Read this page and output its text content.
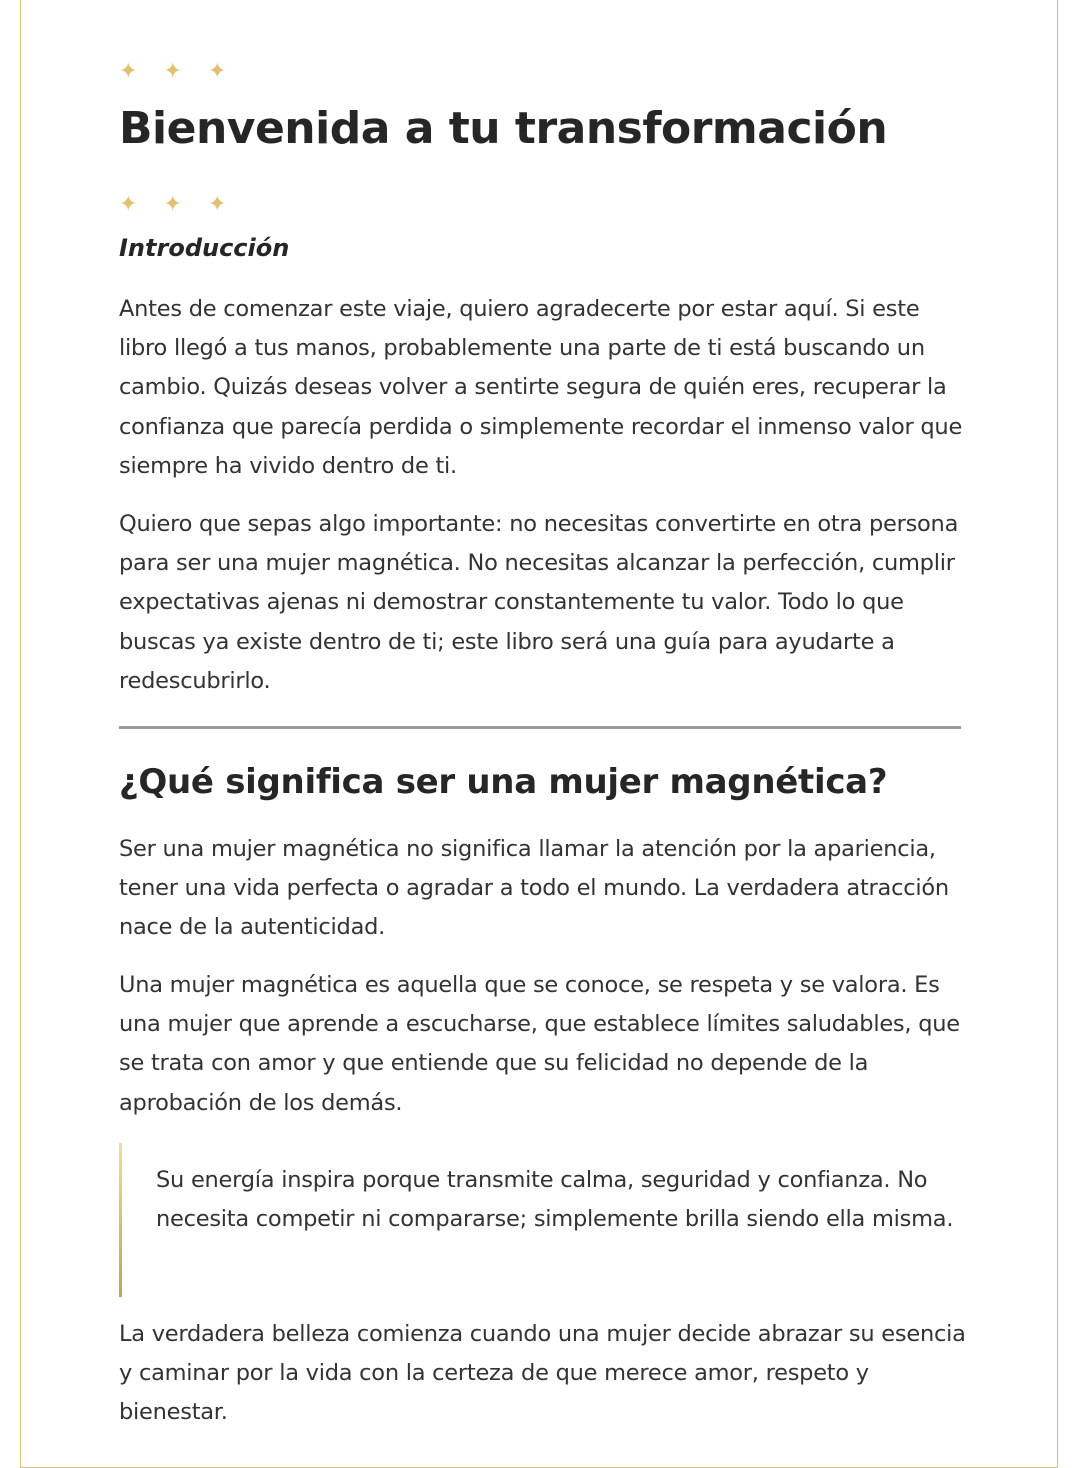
✦	✦	✦
Bienvenida a tu transformación
✦	✦	✦
Introducción

Antes de comenzar este viaje, quiero agradecerte por estar aquí. Si este libro llegó a tus manos, probablemente una parte de ti está buscando un cambio. Quizás deseas volver a sentirte segura de quién eres, recuperar la confianza que parecía perdida o simplemente recordar el inmenso valor que siempre ha vivido dentro de ti.

Quiero que sepas algo importante: no necesitas convertirte en otra persona para ser una mujer magnética. No necesitas alcanzar la perfección, cumplir expectativas ajenas ni demostrar constantemente tu valor. Todo lo que buscas ya existe dentro de ti; este libro será una guía para ayudarte a redescubrirlo.

¿Qué significa ser una mujer magnética?

Ser una mujer magnética no significa llamar la atención por la apariencia, tener una vida perfecta o agradar a todo el mundo. La verdadera atracción nace de la autenticidad.

Una mujer magnética es aquella que se conoce, se respeta y se valora. Es una mujer que aprende a escucharse, que establece límites saludables, que se trata con amor y que entiende que su felicidad no depende de la aprobación de los demás.

Su energía inspira porque transmite calma, seguridad y confianza. No necesita competir ni compararse; simplemente brilla siendo ella misma.

La verdadera belleza comienza cuando una mujer decide abrazar su esencia y caminar por la vida con la certeza de que merece amor, respeto y bienestar.
